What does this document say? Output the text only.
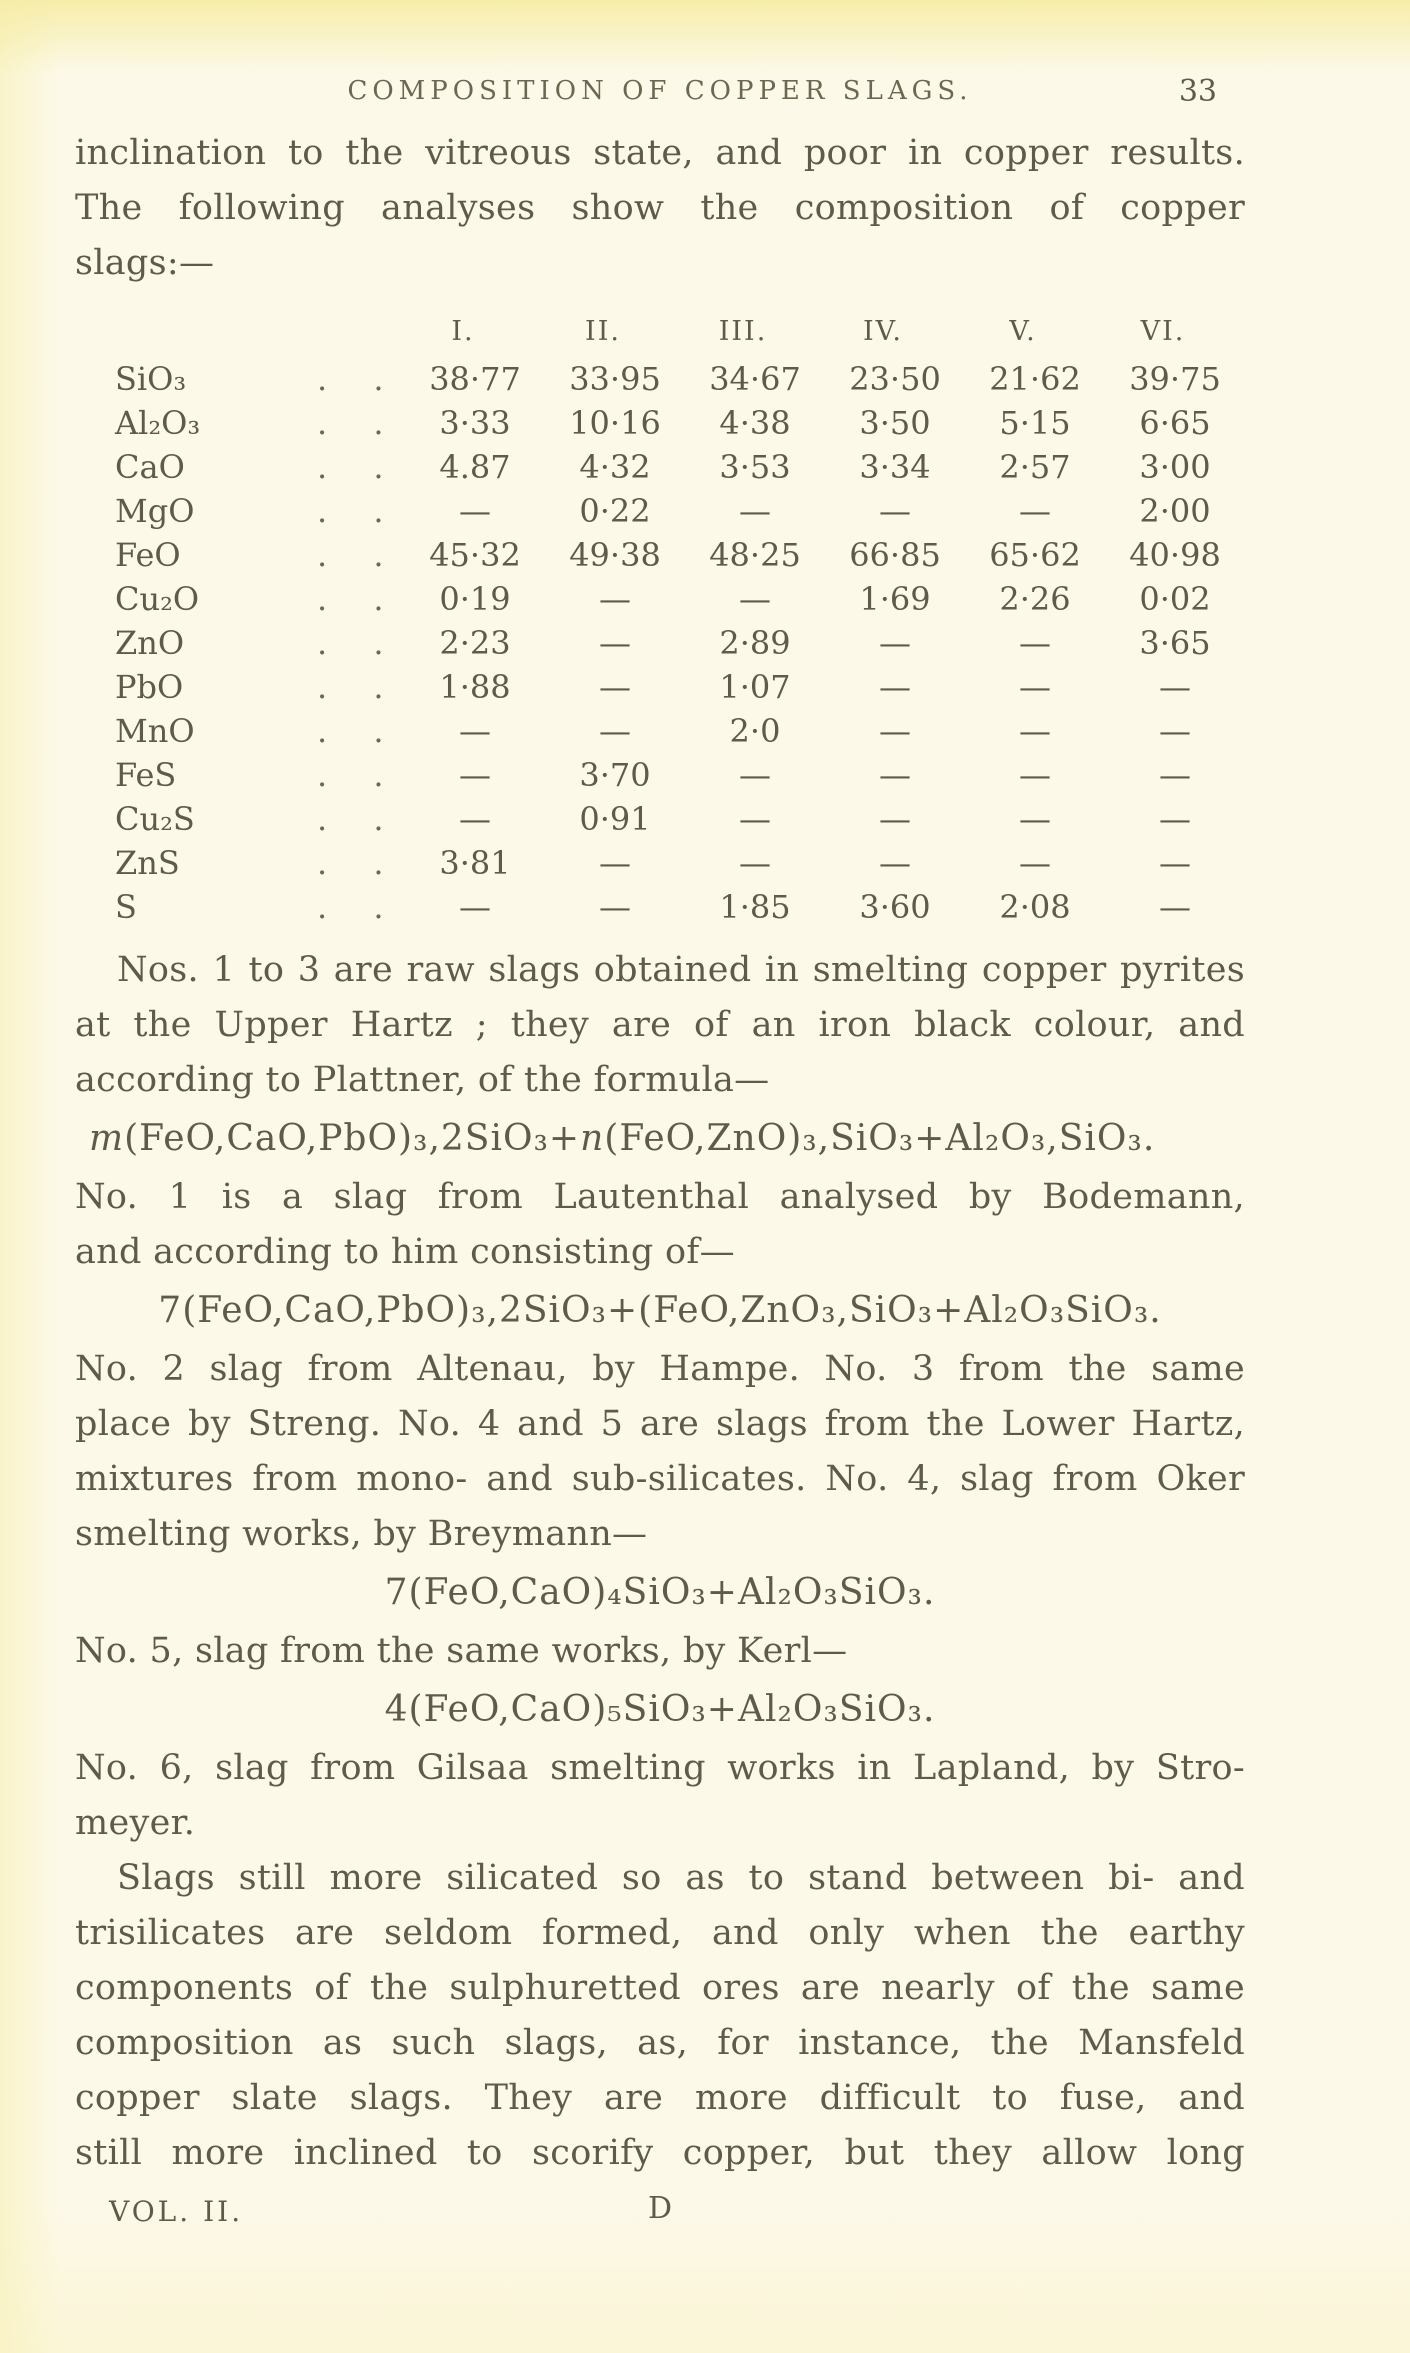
COMPOSITION OF COPPER SLAGS.	33

inclination to the vitreous state, and poor in copper results.
The following analyses show the composition of copper
slags:—

I.	II.	III.	IV.	V.	VI.
SiO₃	. .	38·77	33·95	34·67	23·50	21·62	39·75
Al₂O₃	. .	3·33	10·16	4·38	3·50	5·15	6·65
CaO	. .	4.87	4·32	3·53	3·34	2·57	3·00
MgO	. .	—	0·22	—	—	—	2·00
FeO	. .	45·32	49·38	48·25	66·85	65·62	40·98
Cu₂O	. .	0·19	—	—	1·69	2·26	0·02
ZnO	. .	2·23	—	2·89	—	—	3·65
PbO	. .	1·88	—	1·07	—	—	—
MnO	. .	—	—	2·0	—	—	—
FeS	. .	—	3·70	—	—	—	—
Cu₂S	. .	—	0·91	—	—	—	—
ZnS	. .	3·81	—	—	—	—	—
S	. .	—	—	1·85	3·60	2·08	—

Nos. 1 to 3 are raw slags obtained in smelting copper pyrites
at the Upper Hartz ; they are of an iron black colour, and
according to Plattner, of the formula—

m(FeO,CaO,PbO)₃,2SiO₃+n(FeO,ZnO)₃,SiO₃+Al₂O₃,SiO₃.

No. 1 is a slag from Lautenthal analysed by Bodemann,
and according to him consisting of—

7(FeO,CaO,PbO)₃,2SiO₃+(FeO,ZnO₃,SiO₃+Al₂O₃SiO₃.

No. 2 slag from Altenau, by Hampe. No. 3 from the same
place by Streng. No. 4 and 5 are slags from the Lower Hartz,
mixtures from mono- and sub-silicates. No. 4, slag from Oker
smelting works, by Breymann—

7(FeO,CaO)₄SiO₃+Al₂O₃SiO₃.

No. 5, slag from the same works, by Kerl—

4(FeO,CaO)₅SiO₃+Al₂O₃SiO₃.

No. 6, slag from Gilsaa smelting works in Lapland, by Stro-
meyer.

Slags still more silicated so as to stand between bi- and
trisilicates are seldom formed, and only when the earthy
components of the sulphuretted ores are nearly of the same
composition as such slags, as, for instance, the Mansfeld
copper slate slags. They are more difficult to fuse, and
still more inclined to scorify copper, but they allow long

VOL. II.	D
